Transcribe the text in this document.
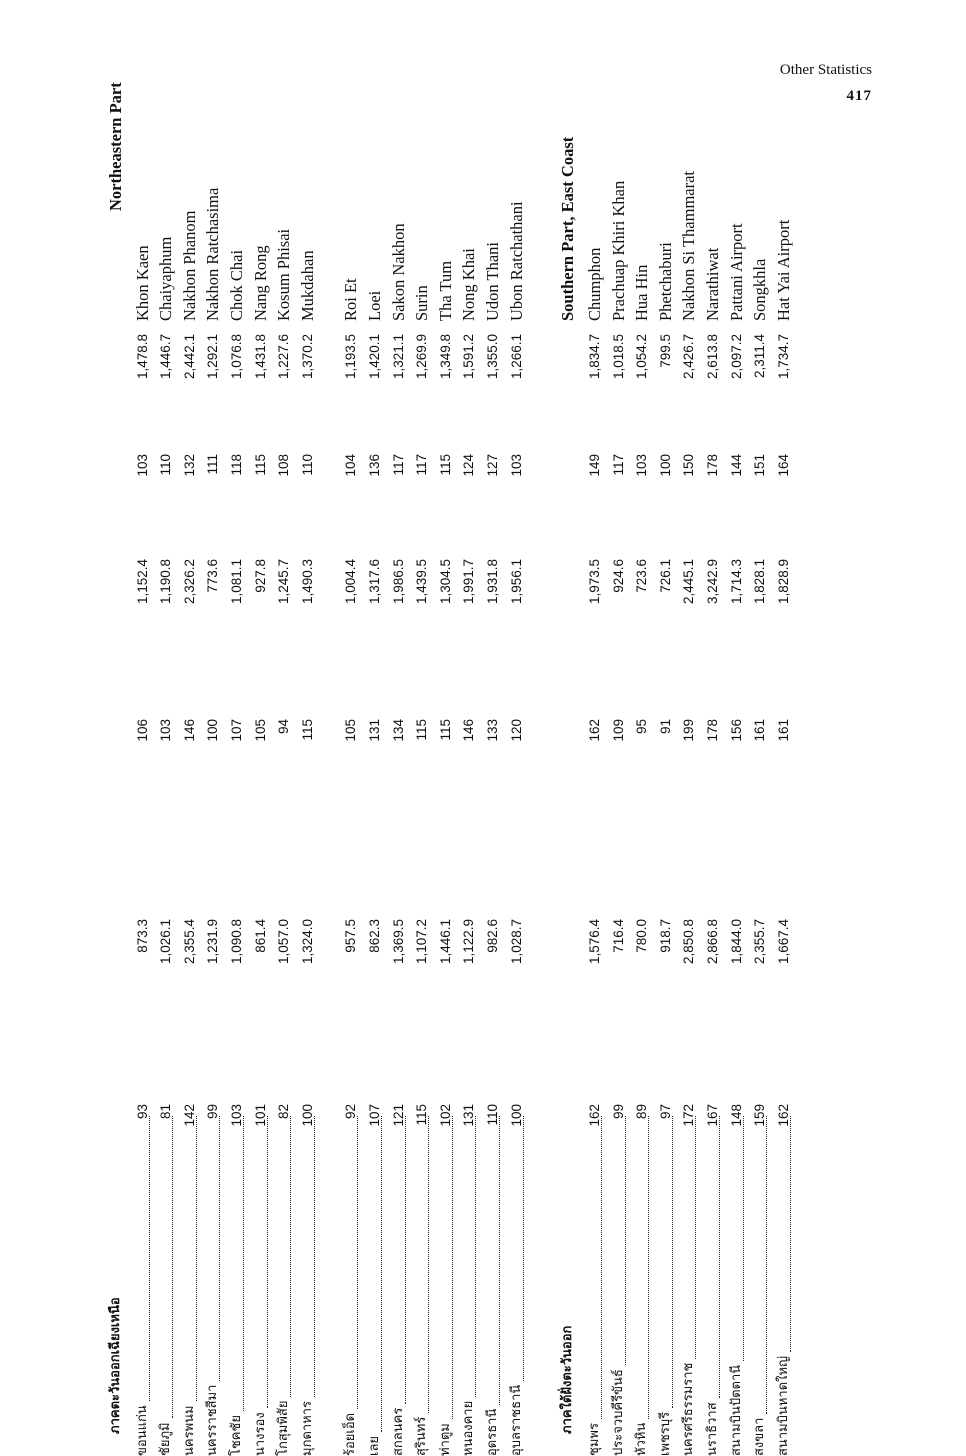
Other Statistics
417
ภาคตะวันออกเฉียงเหนือ
Northeastern Part
ขอนแก่น
93
873.3
106
1,152.4
103
1,478.8
Khon Kaen
ชัยภูมิ
81
1,026.1
103
1,190.8
110
1,446.7
Chaiyaphum
นครพนม
142
2,355.4
146
2,326.2
132
2,442.1
Nakhon Phanom
นครราชสีมา
99
1,231.9
100
773.6
111
1,292.1
Nakhon Ratchasima
โชคชัย
103
1,090.8
107
1,081.1
118
1,076.8
Chok Chai
นางรอง
101
861.4
105
927.8
115
1,431.8
Nang Rong
โกสุมพิสัย
82
1,057.0
94
1,245.7
108
1,227.6
Kosum Phisai
มุกดาหาร
100
1,324.0
115
1,490.3
110
1,370.2
Mukdahan
ร้อยเอ็ด
92
957.5
105
1,004.4
104
1,193.5
Roi Et
เลย
107
862.3
131
1,317.6
136
1,420.1
Loei
สกลนคร
121
1,369.5
134
1,986.5
117
1,321.1
Sakon Nakhon
สุรินทร์
115
1,107.2
115
1,439.5
117
1,269.9
Surin
ท่าตูม
102
1,446.1
115
1,304.5
115
1,349.8
Tha Tum
หนองคาย
131
1,122.9
146
1,991.7
124
1,591.2
Nong Khai
อุดรธานี
110
982.6
133
1,931.8
127
1,355.0
Udon Thani
อุบลราชธานี
100
1,028.7
120
1,956.1
103
1,266.1
Ubon Ratchathani
ภาคใต้ฝั่งตะวันออก
Southern Part, East Coast
ชุมพร
162
1,576.4
162
1,973.5
149
1,834.7
Chumphon
ประจวบคีรีขันธ์
99
716.4
109
924.6
117
1,018.5
Prachuap Khiri Khan
หัวหิน
89
780.0
95
723.6
103
1,054.2
Hua Hin
เพชรบุรี
97
918.7
91
726.1
100
799.5
Phetchaburi
นครศรีธรรมราช
172
2,850.8
199
2,445.1
150
2,426.7
Nakhon Si Thammarat
นราธิวาส
167
2,866.8
178
3,242.9
178
2,613.8
Narathiwat
สนามบินปัตตานี
148
1,844.0
156
1,714.3
144
2,097.2
Pattani Airport
สงขลา
159
2,355.7
161
1,828.1
151
2,311.4
Songkhla
สนามบินหาดใหญ่
162
1,667.4
161
1,828.9
164
1,734.7
Hat Yai Airport
